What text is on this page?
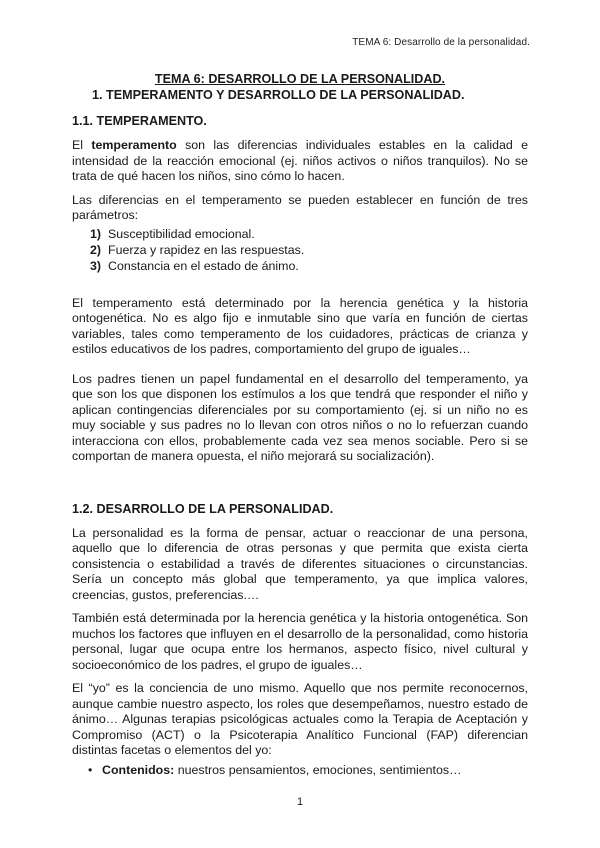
TEMA 6: Desarrollo de la personalidad.
TEMA 6: DESARROLLO DE LA PERSONALIDAD.
1. TEMPERAMENTO Y DESARROLLO DE LA PERSONALIDAD.
1.1. TEMPERAMENTO.

El temperamento son las diferencias individuales estables en la calidad e intensidad de la reacción emocional (ej. niños activos o niños tranquilos). No se trata de qué hacen los niños, sino cómo lo hacen.

Las diferencias en el temperamento se pueden establecer en función de tres parámetros:

1) Susceptibilidad emocional.
2) Fuerza y rapidez en las respuestas.
3) Constancia en el estado de ánimo.

El temperamento está determinado por la herencia genética y la historia ontogenética. No es algo fijo e inmutable sino que varía en función de ciertas variables, tales como temperamento de los cuidadores, prácticas de crianza y estilos educativos de los padres, comportamiento del grupo de iguales…

Los padres tienen un papel fundamental en el desarrollo del temperamento, ya que son los que disponen los estímulos a los que tendrá que responder el niño y aplican contingencias diferenciales por su comportamiento (ej. si un niño no es muy sociable y sus padres no lo llevan con otros niños o no lo refuerzan cuando interacciona con ellos, probablemente cada vez sea menos sociable. Pero si se comportan de manera opuesta, el niño mejorará su socialización).

1.2. DESARROLLO DE LA PERSONALIDAD.

La personalidad es la forma de pensar, actuar o reaccionar de una persona, aquello que lo diferencia de otras personas y que permita que exista cierta consistencia o estabilidad a través de diferentes situaciones o circunstancias. Sería un concepto más global que temperamento, ya que implica valores, creencias, gustos, preferencias.…

También está determinada por la herencia genética y la historia ontogenética. Son muchos los factores que influyen en el desarrollo de la personalidad, como historia personal, lugar que ocupa entre los hermanos, aspecto físico, nivel cultural y socioeconómico de los padres, el grupo de iguales…

El “yo” es la conciencia de uno mismo. Aquello que nos permite reconocernos, aunque cambie nuestro aspecto, los roles que desempeñamos, nuestro estado de ánimo… Algunas terapias psicológicas actuales como la Terapia de Aceptación y Compromiso (ACT) o la Psicoterapia Analítico Funcional (FAP) diferencian distintas facetas o elementos del yo:

• Contenidos: nuestros pensamientos, emociones, sentimientos…
1
